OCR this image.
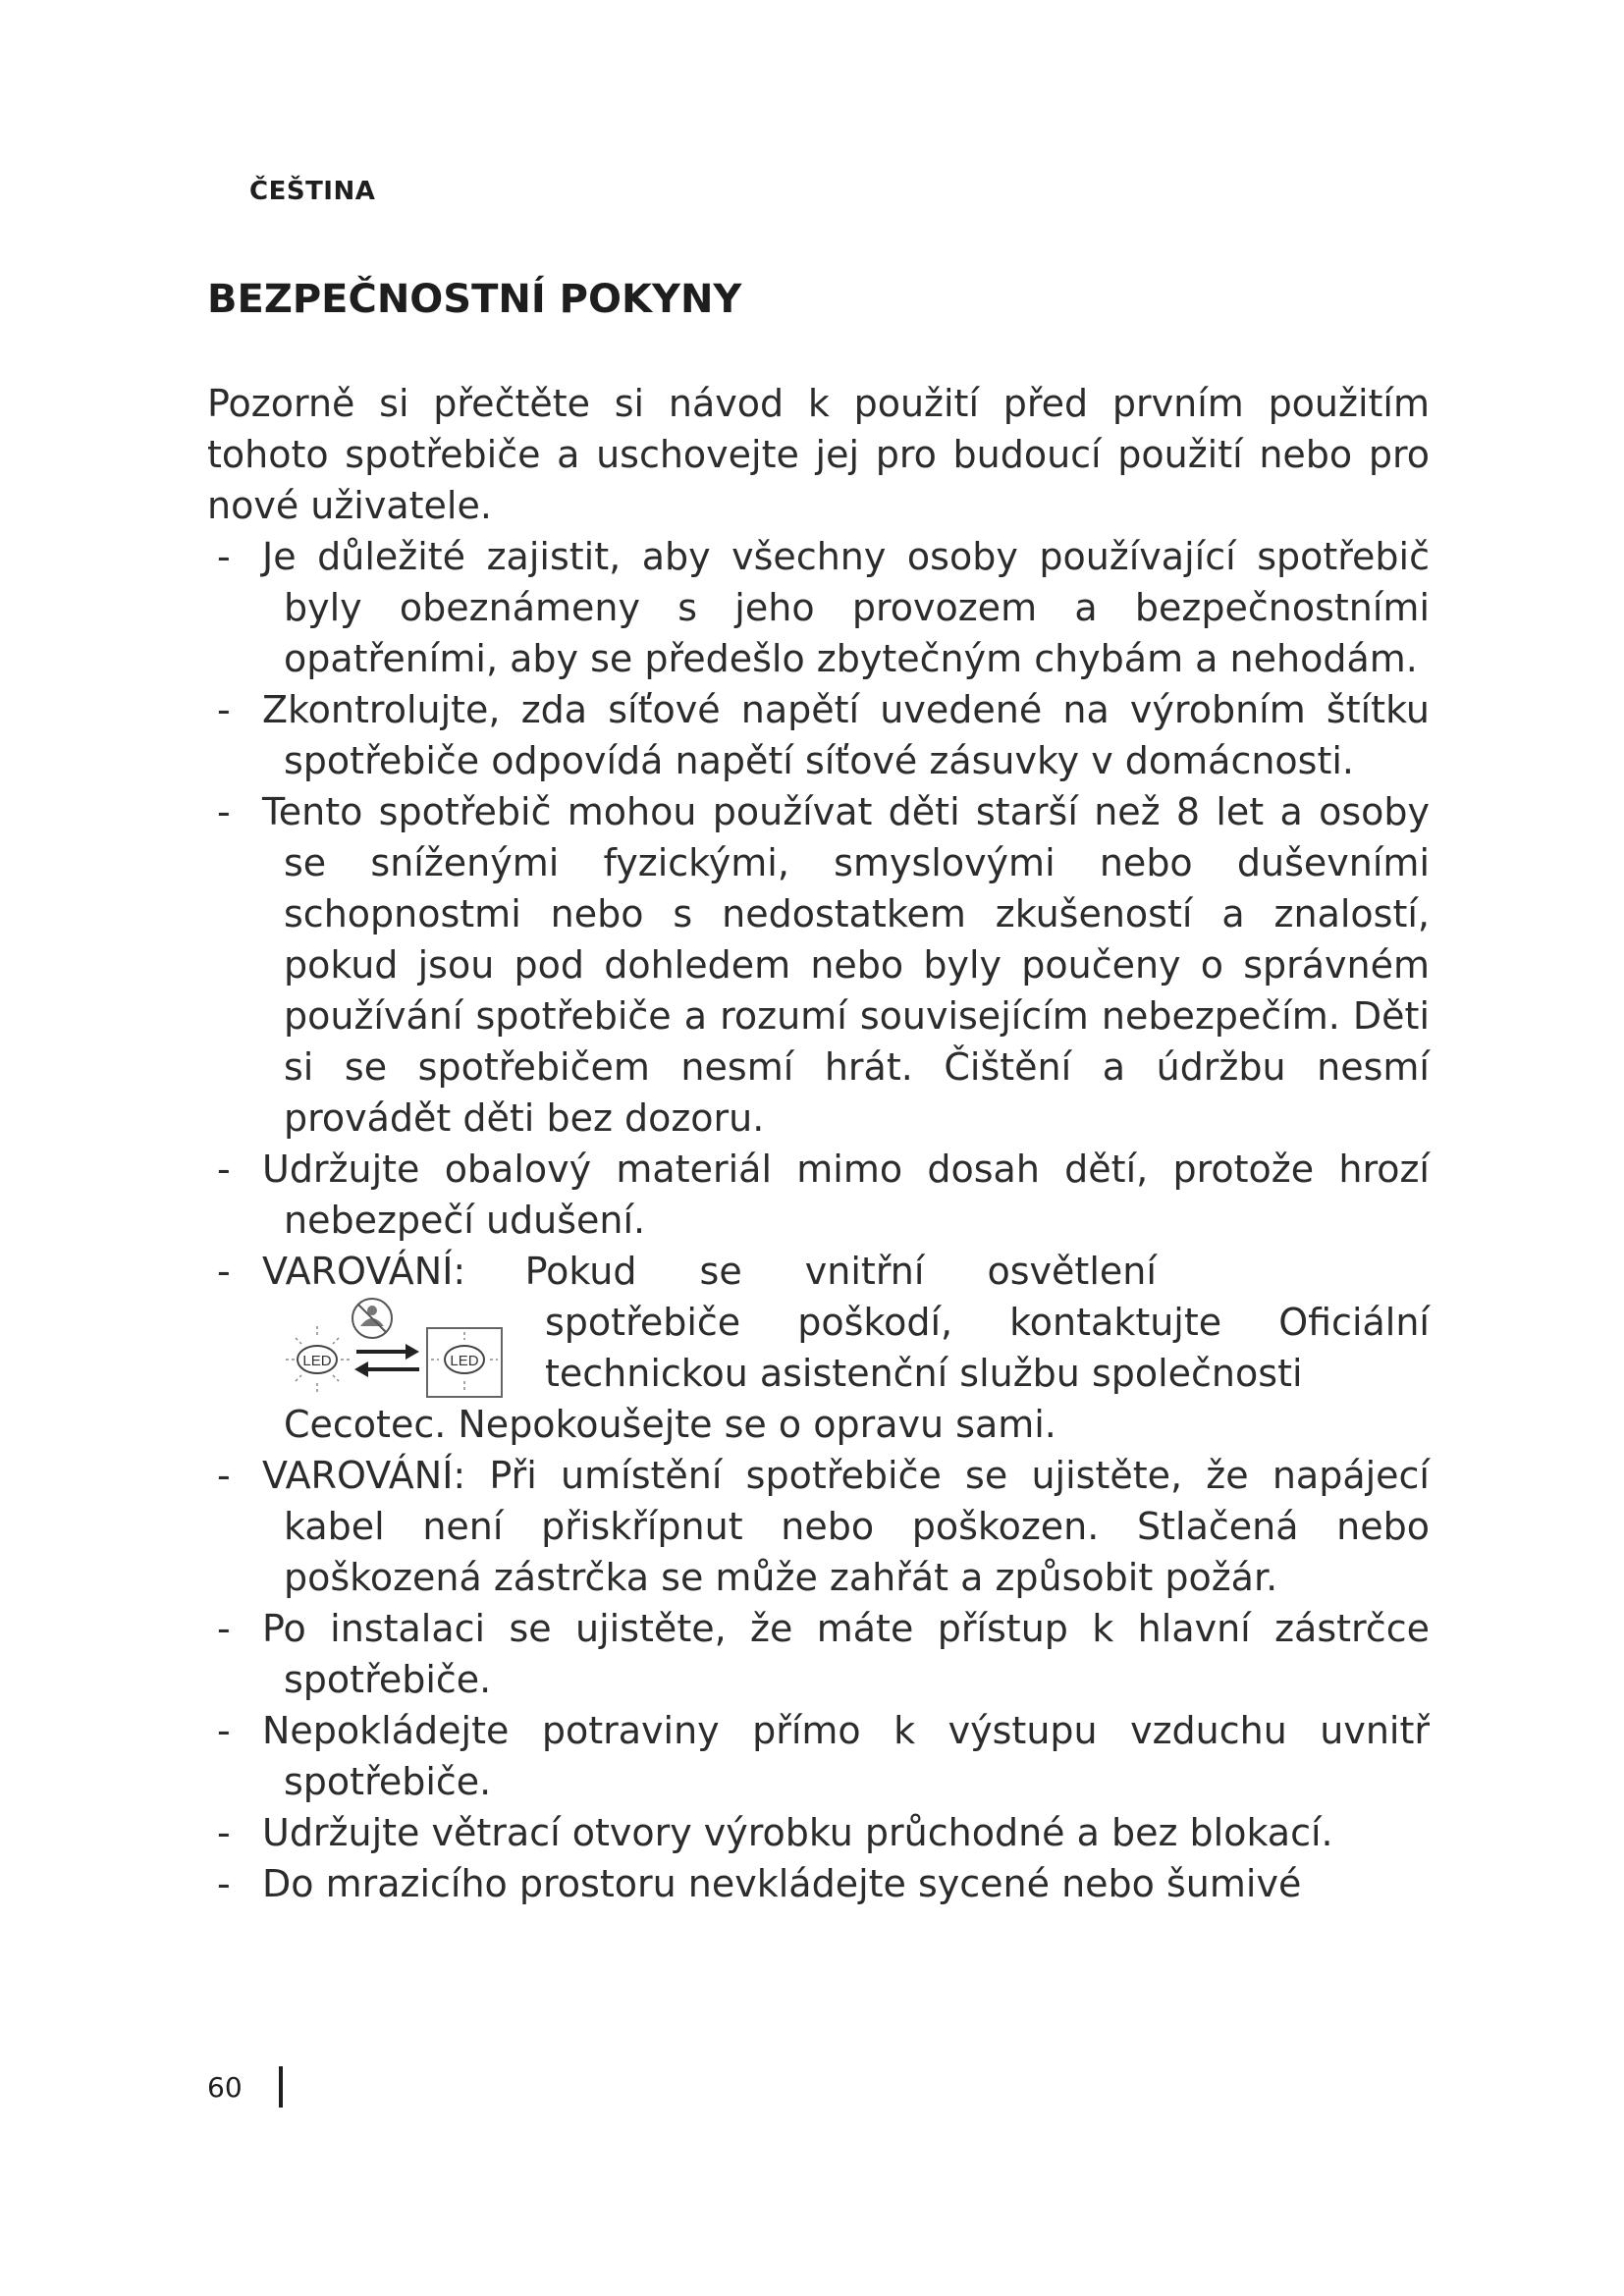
ČEŠTINA
BEZPEČNOSTNÍ POKYNY

Pozorně si přečtěte si návod k použití před prvním použitím tohoto spotřebiče a uschovejte jej pro budoucí použití nebo pro nové uživatele.

- Je důležité zajistit, aby všechny osoby používající spotřebič byly obeznámeny s jeho provozem a bezpečnostními opatřeními, aby se předešlo zbytečným chybám a nehodám.
- Zkontrolujte, zda síťové napětí uvedené na výrobním štítku spotřebiče odpovídá napětí síťové zásuvky v domácnosti.
- Tento spotřebič mohou používat děti starší než 8 let a osoby se sníženými fyzickými, smyslovými nebo duševními schopnostmi nebo s nedostatkem zkušeností a znalostí, pokud jsou pod dohledem nebo byly poučeny o správném používání spotřebiče a rozumí souvisejícím nebezpečím. Děti si se spotřebičem nesmí hrát. Čištění a údržbu nesmí provádět děti bez dozoru.
- Udržujte obalový materiál mimo dosah dětí, protože hrozí nebezpečí udušení.
- VAROVÁNÍ: Pokud se vnitřní osvětlení
LED	LED
spotřebiče poškodí, kontaktujte Oficiální technickou asistenční službu společnosti
Cecotec. Nepokoušejte se o opravu sami.
- VAROVÁNÍ: Při umístění spotřebiče se ujistěte, že napájecí kabel není přiskřípnut nebo poškozen. Stlačená nebo poškozená zástrčka se může zahřát a způsobit požár.
- Po instalaci se ujistěte, že máte přístup k hlavní zástrčce spotřebiče.
- Nepokládejte potraviny přímo k výstupu vzduchu uvnitř spotřebiče.
- Udržujte větrací otvory výrobku průchodné a bez blokací.
- Do mrazicího prostoru nevkládejte sycené nebo šumivé
60
